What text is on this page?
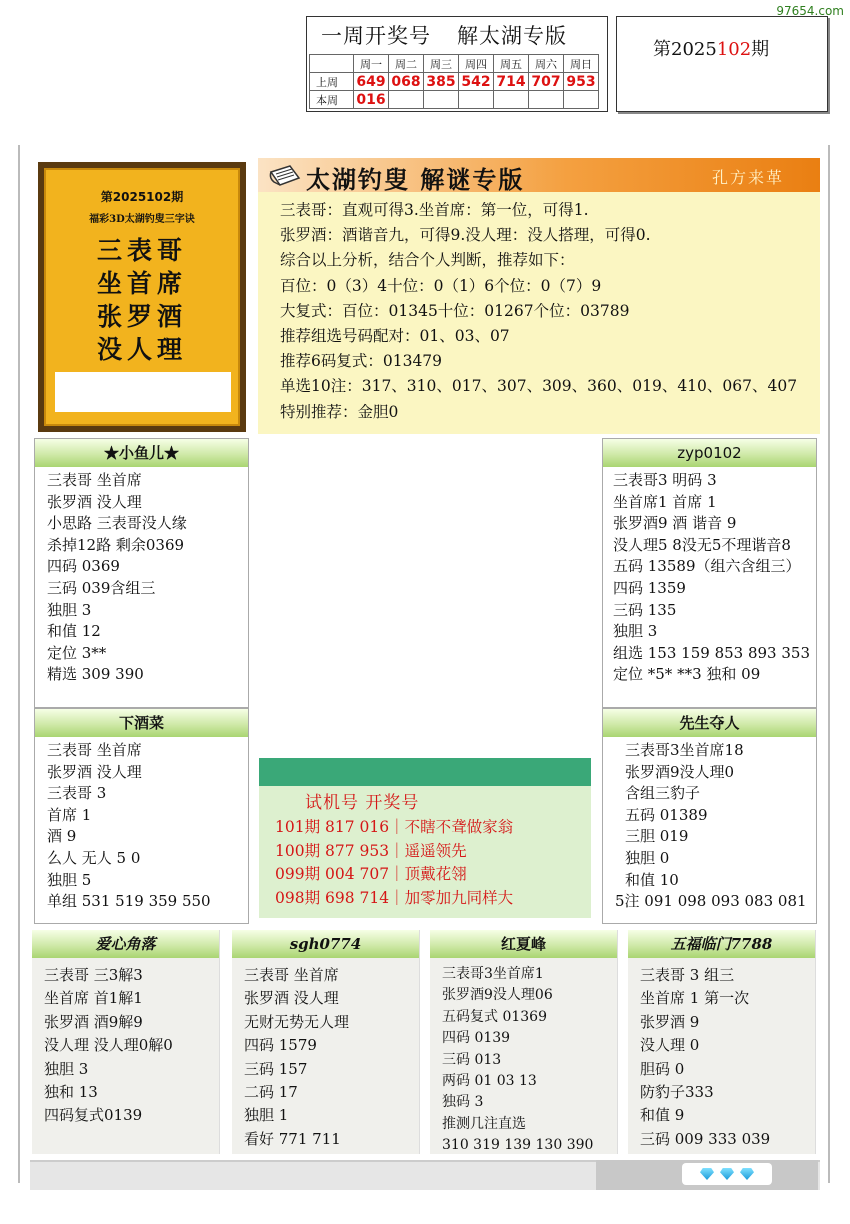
97654.com
一周开奖号 解太湖专版
	周一	周二	周三	周四	周五	周六	周日
上周	649	068	385	542	714	707	953
本周	016						
第2025102期
第2025102期
福彩3D太湖钓叟三字诀
三表哥
坐首席
张罗酒
没人理
太湖钓叟 解谜专版	孔方来革
三表哥：直观可得3.坐首席：第一位，可得1.
张罗酒：酒谐音九，可得9.没人理：没人搭理，可得0.
综合以上分析，结合个人判断，推荐如下：
百位：0（3）4十位：0（1）6个位：0（7）9
大复式：百位：01345十位：01267个位：03789
推荐组选号码配对：01、03、07
推荐6码复式：013479
单选10注：317、310、017、307、309、360、019、410、067、407
特别推荐：金胆0
★小鱼儿★
三表哥 坐首席
张罗酒 没人理
小思路 三表哥没人缘
杀掉12路 剩余0369
四码 0369
三码 039含组三
独胆 3
和值 12
定位 3**
精选 309 390
zyp0102
三表哥3 明码 3
坐首席1 首席 1
张罗酒9 酒 谐音 9
没人理5 8没无5不理谐音8
五码 13589（组六含组三）
四码 1359
三码 135
独胆 3
组选 153 159 853 893 353
定位 *5* **3 独和 09
下酒菜
三表哥 坐首席
张罗酒 没人理
三表哥 3
首席 1
酒 9
么人 无人 5 0
独胆 5
单组 531 519 359 550
先生夺人
三表哥3坐首席18
张罗酒9没人理0
含组三豹子
五码 01389
三胆 019
独胆 0
和值 10
5注 091 098 093 083 081
试机号 开奖号
101期 817 016｜不瞎不聋做家翁
100期 877 953｜遥遥领先
099期 004 707｜顶戴花翎
098期 698 714｜加零加九同样大
爱心角落
三表哥 三3解3
坐首席 首1解1
张罗酒 酒9解9
没人理 没人理0解0
独胆 3
独和 13
四码复式0139
sgh0774
三表哥 坐首席
张罗酒 没人理
无财无势无人理
四码 1579
三码 157
二码 17
独胆 1
看好 771 711
红夏峰
三表哥3坐首席1
张罗酒9没人理06
五码复式 01369
四码 0139
三码 013
两码 01 03 13
独码 3
推测几注直选
310 319 139 130 390
五福临门7788
三表哥 3 组三
坐首席 1 第一次
张罗酒 9
没人理 0
胆码 0
防豹子333
和值 9
三码 009 333 039
